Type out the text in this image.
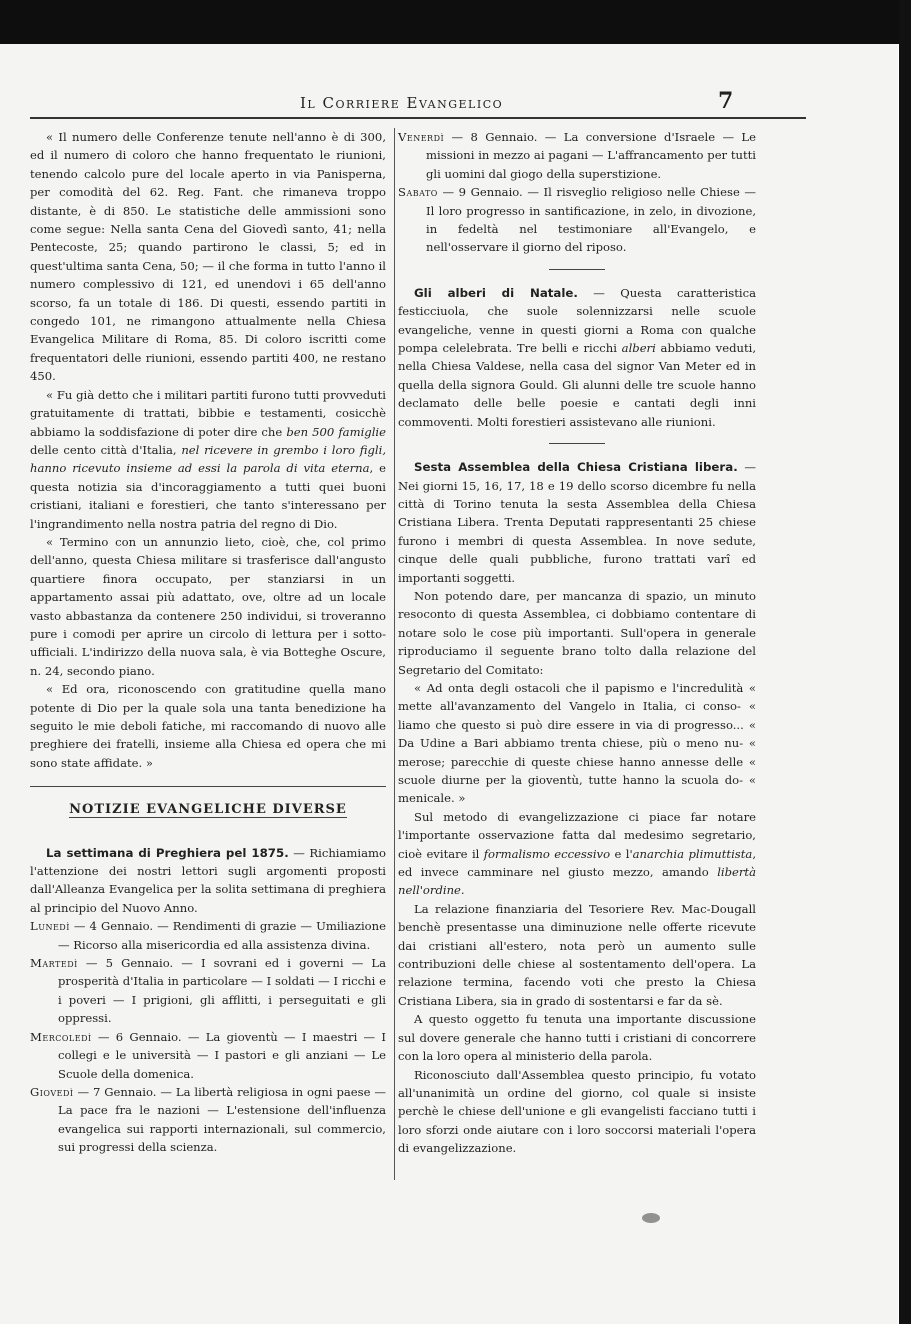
Il Corriere Evangelico	7

« Il numero delle Conferenze tenute nell'anno è di 300, ed il numero di coloro che hanno frequentato le riunioni, tenendo calcolo pure del locale aperto in via Panisperna, per comodità del 62. Reg. Fant. che rimaneva troppo distante, è di 850. Le statistiche delle ammissioni sono come segue: Nella santa Cena del Giovedì santo, 41; nella Pentecoste, 25; quando partirono le classi, 5; ed in quest'ultima santa Cena, 50; — il che forma in tutto l'anno il numero complessivo di 121, ed unendovi i 65 dell'anno scorso, fa un totale di 186. Di questi, essendo partiti in congedo 101, ne rimangono attualmente nella Chiesa Evangelica Militare di Roma, 85. Di coloro iscritti come frequentatori delle riunioni, essendo partiti 400, ne restano 450.

« Fu già detto che i militari partiti furono tutti provveduti gratuitamente di trattati, bibbie e testamenti, cosicchè abbiamo la soddisfazione di poter dire che ben 500 famiglie delle cento città d'Italia, nel ricevere in grembo i loro figli, hanno ricevuto insieme ad essi la parola di vita eterna, e questa notizia sia d'incoraggiamento a tutti quei buoni cristiani, italiani e forestieri, che tanto s'interessano per l'ingrandimento nella nostra patria del regno di Dio.

« Termino con un annunzio lieto, cioè, che, col primo dell'anno, questa Chiesa militare si trasferisce dall'angusto quartiere finora occupato, per stanziarsi in un appartamento assai più adattato, ove, oltre ad un locale vasto abbastanza da contenere 250 individui, si troveranno pure i comodi per aprire un circolo di lettura per i sotto-ufficiali. L'indirizzo della nuova sala, è via Botteghe Oscure, n. 24, secondo piano.

« Ed ora, riconoscendo con gratitudine quella mano potente di Dio per la quale sola una tanta benedizione ha seguito le mie deboli fatiche, mi raccomando di nuovo alle preghiere dei fratelli, insieme alla Chiesa ed opera che mi sono state affidate. »

NOTIZIE EVANGELICHE DIVERSE

La settimana di Preghiera pel 1875. — Richiamiamo l'attenzione dei nostri lettori sugli argomenti proposti dall'Alleanza Evangelica per la solita settimana di preghiera al principio del Nuovo Anno.

Lunedì — 4 Gennaio. — Rendimenti di grazie — Umiliazione — Ricorso alla misericordia ed alla assistenza divina.

Martedì — 5 Gennaio. — I sovrani ed i governi — La prosperità d'Italia in particolare — I soldati — I ricchi e i poveri — I prigioni, gli afflitti, i perseguitati e gli oppressi.

Mercoledì — 6 Gennaio. — La gioventù — I maestri — I collegi e le università — I pastori e gli anziani — Le Scuole della domenica.

Giovedì — 7 Gennaio. — La libertà religiosa in ogni paese — La pace fra le nazioni — L'estensione dell'influenza evangelica sui rapporti internazionali, sul commercio, sui progressi della scienza.

Venerdì — 8 Gennaio. — La conversione d'Israele — Le missioni in mezzo ai pagani — L'affrancamento per tutti gli uomini dal giogo della superstizione.

Sabato — 9 Gennaio. — Il risveglio religioso nelle Chiese — Il loro progresso in santificazione, in zelo, in divozione, in fedeltà nel testimoniare all'Evangelo, e nell'osservare il giorno del riposo.

Gli alberi di Natale. — Questa caratteristica festicciuola, che suole solennizzarsi nelle scuole evangeliche, venne in questi giorni a Roma con qualche pompa celelebrata. Tre belli e ricchi alberi abbiamo veduti, nella Chiesa Valdese, nella casa del signor Van Meter ed in quella della signora Gould. Gli alunni delle tre scuole hanno declamato delle belle poesie e cantati degli inni commoventi. Molti forestieri assistevano alle riunioni.

Sesta Assemblea della Chiesa Cristiana libera. — Nei giorni 15, 16, 17, 18 e 19 dello scorso dicembre fu nella città di Torino tenuta la sesta Assemblea della Chiesa Cristiana Libera. Trenta Deputati rappresentanti 25 chiese furono i membri di questa Assemblea. In nove sedute, cinque delle quali pubbliche, furono trattati varî ed importanti soggetti.

Non potendo dare, per mancanza di spazio, un minuto resoconto di questa Assemblea, ci dobbiamo contentare di notare solo le cose più importanti. Sull'opera in generale riproduciamo il seguente brano tolto dalla relazione del Segretario del Comitato:

« Ad onta degli ostacoli che il papismo e l'incredulità « mette all'avanzamento del Vangelo in Italia, ci conso- « liamo che questo si può dire essere in via di progresso... « Da Udine a Bari abbiamo trenta chiese, più o meno nu- « merose; parecchie di queste chiese hanno annesse delle « scuole diurne per la gioventù, tutte hanno la scuola do- « menicale. »

Sul metodo di evangelizzazione ci piace far notare l'importante osservazione fatta dal medesimo segretario, cioè evitare il formalismo eccessivo e l'anarchia plimuttista, ed invece camminare nel giusto mezzo, amando libertà nell'ordine.

La relazione finanziaria del Tesoriere Rev. Mac-Dougall benchè presentasse una diminuzione nelle offerte ricevute dai cristiani all'estero, nota però un aumento sulle contribuzioni delle chiese al sostentamento dell'opera. La relazione termina, facendo voti che presto la Chiesa Cristiana Libera, sia in grado di sostentarsi e far da sè.

A questo oggetto fu tenuta una importante discussione sul dovere generale che hanno tutti i cristiani di concorrere con la loro opera al ministerio della parola.

Riconosciuto dall'Assemblea questo principio, fu votato all'unanimità un ordine del giorno, col quale si insiste perchè le chiese dell'unione e gli evangelisti facciano tutti i loro sforzi onde aiutare con i loro soccorsi materiali l'opera di evangelizzazione.
